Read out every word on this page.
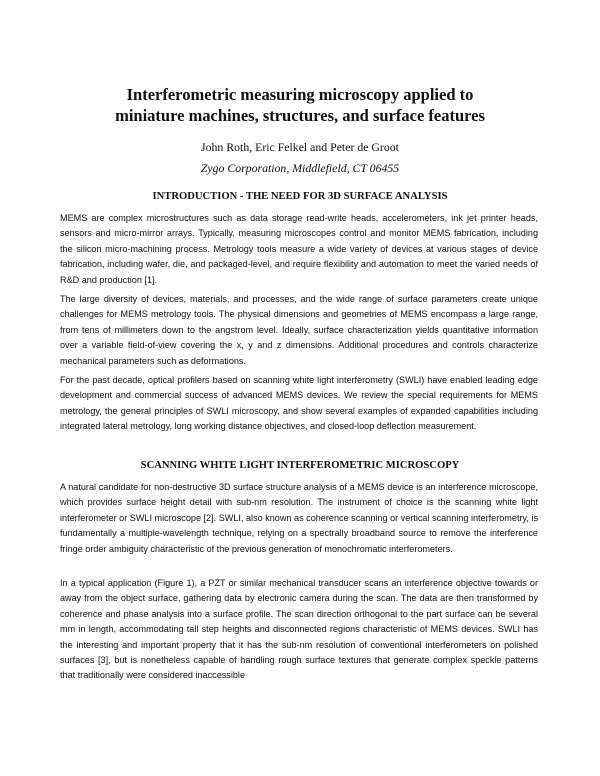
Interferometric measuring microscopy applied to
miniature machines, structures, and surface features
John Roth, Eric Felkel and Peter de Groot
Zygo Corporation, Middlefield, CT 06455
INTRODUCTION - THE NEED FOR 3D SURFACE ANALYSIS

MEMS are complex microstructures such as data storage read-write heads, accelerometers, ink jet printer heads, sensors and micro-mirror arrays. Typically, measuring microscopes control and monitor MEMS fabrication, including the silicon micro-machining process. Metrology tools measure a wide variety of devices at various stages of device fabrication, including wafer, die, and packaged-level, and require flexibility and automation to meet the varied needs of R&D and production [1].

The large diversity of devices, materials, and processes, and the wide range of surface parameters create unique challenges for MEMS metrology tools. The physical dimensions and geometries of MEMS encompass a large range, from tens of millimeters down to the angstrom level. Ideally, surface characterization yields quantitative information over a variable field-of-view covering the x, y and z dimensions. Additional procedures and controls characterize mechanical parameters such as deformations.

For the past decade, optical profilers based on scanning white light interferometry (SWLI) have enabled leading edge development and commercial success of advanced MEMS devices. We review the special requirements for MEMS metrology, the general principles of SWLI microscopy, and show several examples of expanded capabilities including integrated lateral metrology, long working distance objectives, and closed-loop deflection measurement.

SCANNING WHITE LIGHT INTERFEROMETRIC MICROSCOPY

A natural candidate for non-destructive 3D surface structure analysis of a MEMS device is an interference microscope, which provides surface height detail with sub-nm resolution. The instrument of choice is the scanning white light interferometer or SWLI microscope [2]. SWLI, also known as coherence scanning or vertical scanning interferometry, is fundamentally a multiple-wavelength technique, relying on a spectrally broadband source to remove the interference fringe order ambiguity characteristic of the previous generation of monochromatic interferometers.

In a typical application (Figure 1), a PZT or similar mechanical transducer scans an interference objective towards or away from the object surface, gathering data by electronic camera during the scan. The data are then transformed by coherence and phase analysis into a surface profile. The scan direction orthogonal to the part surface can be several mm in length, accommodating tall step heights and disconnected regions characteristic of MEMS devices. SWLI has the interesting and important property that it has the sub-nm resolution of conventional interferometers on polished surfaces [3], but is nonetheless capable of handling rough surface textures that generate complex speckle patterns that traditionally were considered inaccessible
